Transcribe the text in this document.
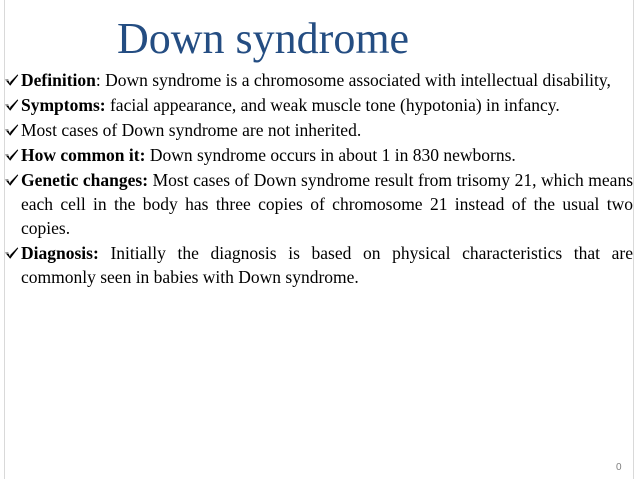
Down syndrome
Definition: Down syndrome is a chromosome associated with intellectual disability,
Symptoms: facial appearance, and weak muscle tone (hypotonia) in infancy.
Most cases of Down syndrome are not inherited.
How common it: Down syndrome occurs in about 1 in 830 newborns.
Genetic changes: Most cases of Down syndrome result from trisomy 21, which means each cell in the body has three copies of chromosome 21 instead of the usual two copies.
Diagnosis: Initially the diagnosis is based on physical characteristics that are commonly seen in babies with Down syndrome.
0
